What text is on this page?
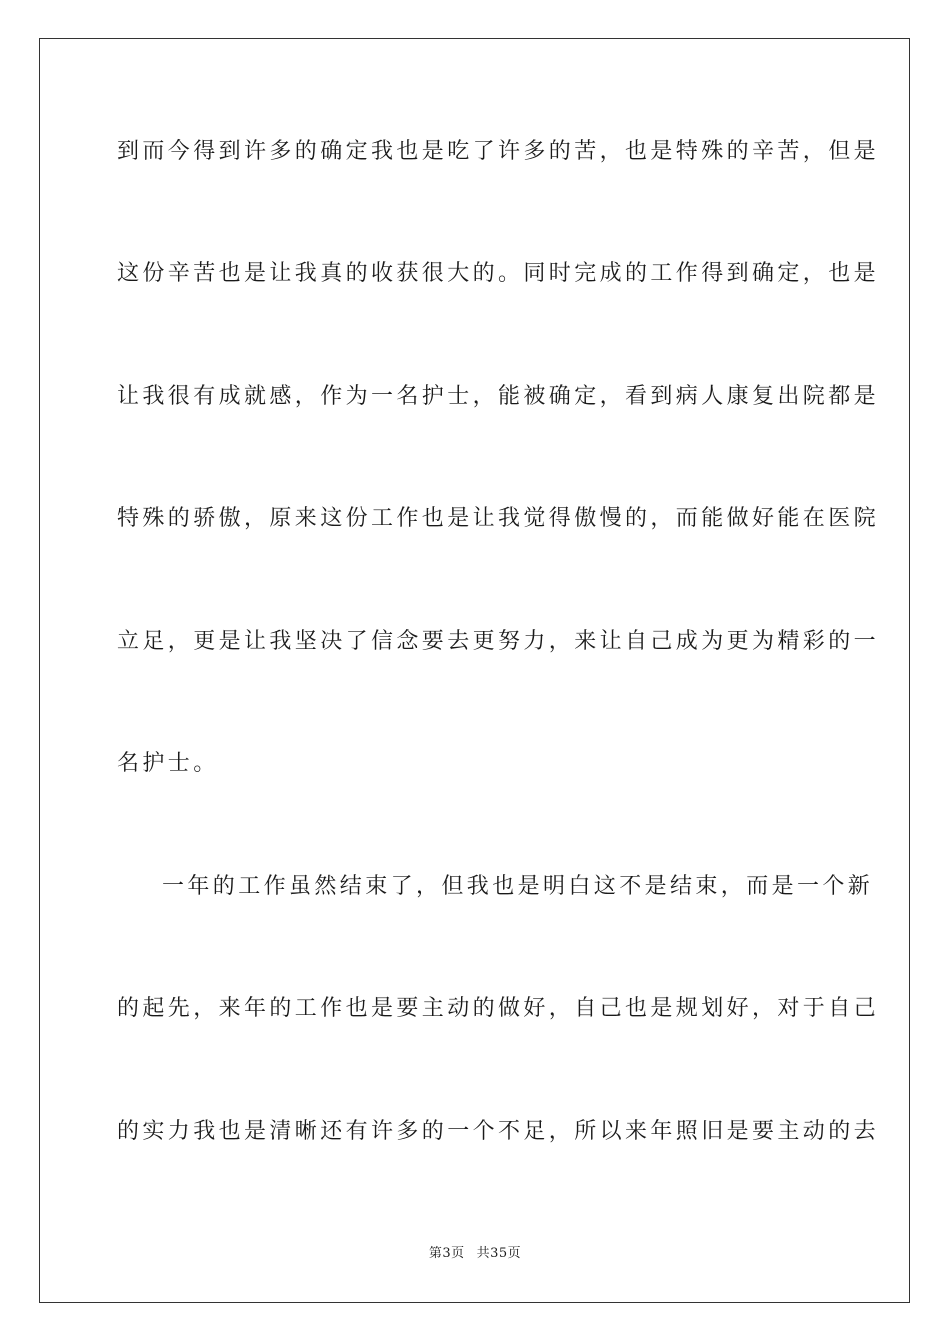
到而今得到许多的确定我也是吃了许多的苦，也是特殊的辛苦，但是
这份辛苦也是让我真的收获很大的。同时完成的工作得到确定，也是
让我很有成就感，作为一名护士，能被确定，看到病人康复出院都是
特殊的骄傲，原来这份工作也是让我觉得傲慢的，而能做好能在医院
立足，更是让我坚决了信念要去更努力，来让自己成为更为精彩的一
名护士。
一年的工作虽然结束了，但我也是明白这不是结束，而是一个新
的起先，来年的工作也是要主动的做好，自己也是规划好，对于自己
的实力我也是清晰还有许多的一个不足，所以来年照旧是要主动的去
第3页 共35页
